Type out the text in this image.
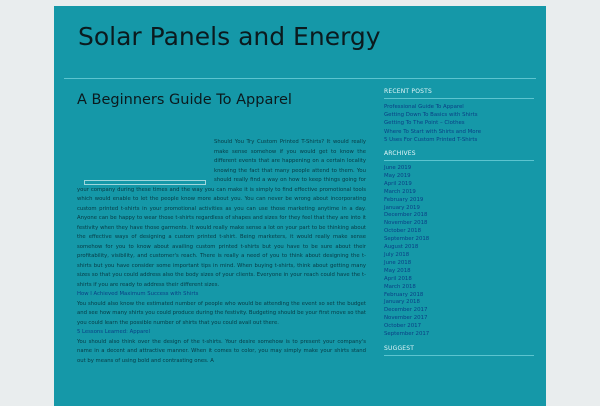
Solar Panels and Energy
A Beginners Guide To Apparel

Should You Try Custom Printed T-Shirts? It would really make sense somehow if you would get to know the different events that are happening on a certain locality knowing the fact that many people attend to them. You should really find a way on how to keep things going for your company during these times and the way you can make it is simply to find effective promotional tools which would enable to let the people know more about you. You can never be wrong about incorporating custom printed t-shirts in your promotional activities as you can use those marketing anytime in a day. Anyone can be happy to wear those t-shirts regardless of shapes and sizes for they feel that they are into it festivity when they have those garments. It would really make sense a lot on your part to be thinking about the effective ways of designing a custom printed t-shirt. Being marketers, it would really make sense somehow for you to know about availing custom printed t-shirts but you have to be sure about their profitability, visibility, and customer's reach. There is really a need of you to think about designing the t-shirts but you have consider some important tips in mind. When buying t-shirts, think about getting many sizes so that you could address also the body sizes of your clients. Everyone in your reach could have the t-shirts if you are ready to address their different sizes.

How I Achieved Maximum Success with Shirts

You should also know the estimated number of people who would be attending the event so set the budget and see how many shirts you could produce during the festivity. Budgeting should be your first move so that you could learn the possible number of shirts that you could avail out there.

5 Lessons Learned: Apparel

You should also think over the design of the t-shirts. Your desire somehow is to present your company's name in a decent and attractive manner. When it comes to color, you may simply make your shirts stand out by means of using bold and contrasting ones. A

RECENT POSTS
Professional Guide To Apparel
Getting Down To Basics with Shirts
Getting To The Point – Clothes
Where To Start with Shirts and More
5 Uses For Custom Printed T-Shirts
ARCHIVES
June 2019
May 2019
April 2019
March 2019
February 2019
January 2019
December 2018
November 2018
October 2018
September 2018
August 2018
July 2018
June 2018
May 2018
April 2018
March 2018
February 2018
January 2018
December 2017
November 2017
October 2017
September 2017
SUGGEST
